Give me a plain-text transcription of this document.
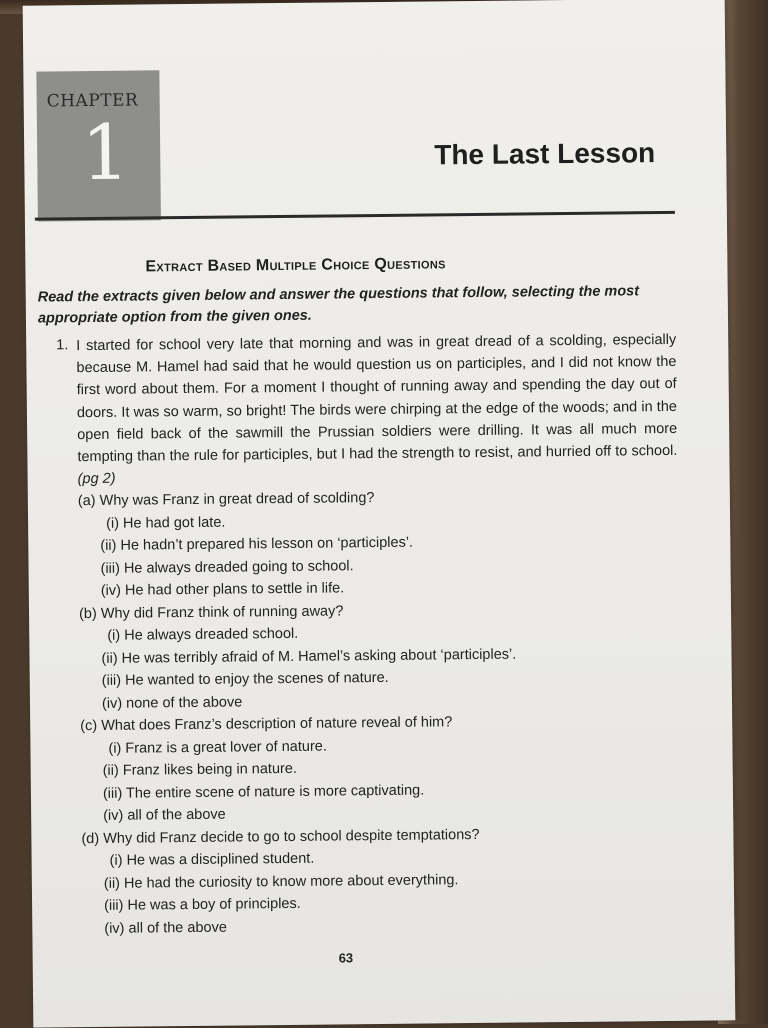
CHAPTER
1	The Last Lesson
Extract Based Multiple Choice Questions
Read the extracts given below and answer the questions that follow, selecting the most appropriate option from the given ones.
1. I started for school very late that morning and was in great dread of a scolding, especially because M. Hamel had said that he would question us on participles, and I did not know the first word about them. For a moment I thought of running away and spending the day out of doors. It was so warm, so bright! The birds were chirping at the edge of the woods; and in the open field back of the sawmill the Prussian soldiers were drilling. It was all much more tempting than the rule for participles, but I had the strength to resist, and hurried off to school. (pg 2)
(a) Why was Franz in great dread of scolding?
(i) He had got late.
(ii) He hadn’t prepared his lesson on ‘participles’.
(iii) He always dreaded going to school.
(iv) He had other plans to settle in life.
(b) Why did Franz think of running away?
(i) He always dreaded school.
(ii) He was terribly afraid of M. Hamel’s asking about ‘participles’.
(iii) He wanted to enjoy the scenes of nature.
(iv) none of the above
(c) What does Franz’s description of nature reveal of him?
(i) Franz is a great lover of nature.
(ii) Franz likes being in nature.
(iii) The entire scene of nature is more captivating.
(iv) all of the above
(d) Why did Franz decide to go to school despite temptations?
(i) He was a disciplined student.
(ii) He had the curiosity to know more about everything.
(iii) He was a boy of principles.
(iv) all of the above
63
